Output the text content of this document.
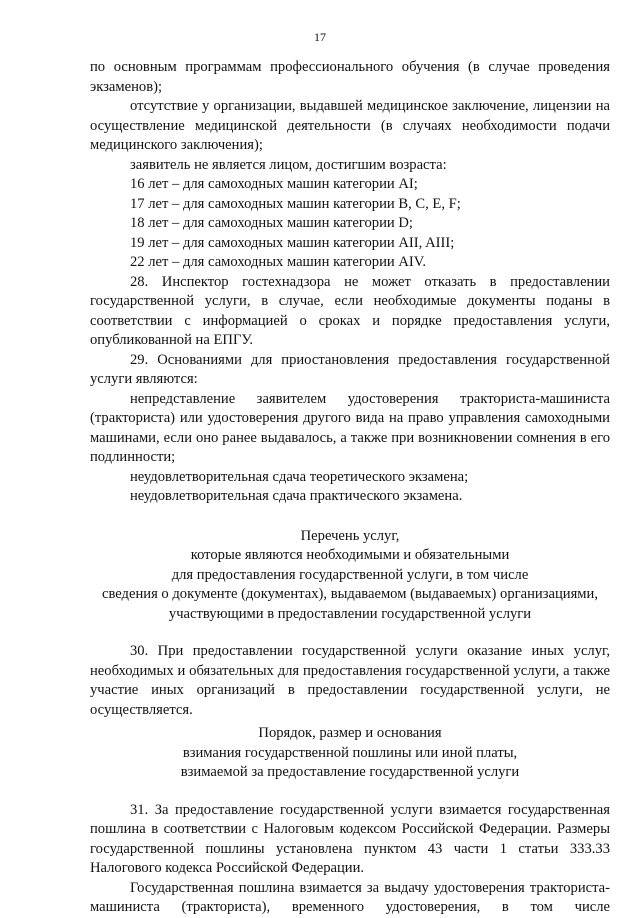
17

по основным программам профессионального обучения (в случае проведения экзаменов);

отсутствие у организации, выдавшей медицинское заключение, лицензии на осуществление медицинской деятельности (в случаях необходимости подачи медицинского заключения);

заявитель не является лицом, достигшим возраста:

16 лет – для самоходных машин категории AI;

17 лет – для самоходных машин категории B, C, E, F;

18 лет – для самоходных машин категории D;

19 лет – для самоходных машин категории AII, AIII;

22 лет – для самоходных машин категории AIV.

28. Инспектор гостехнадзора не может отказать в предоставлении государственной услуги, в случае, если необходимые документы поданы в соответствии с информацией о сроках и порядке предоставления услуги, опубликованной на ЕПГУ.

29. Основаниями для приостановления предоставления государственной услуги являются:

непредставление заявителем удостоверения тракториста-машиниста (тракториста) или удостоверения другого вида на право управления самоходными машинами, если оно ранее выдавалось, а также при возникновении сомнения в его подлинности;

неудовлетворительная сдача теоретического экзамена;

неудовлетворительная сдача практического экзамена.

Перечень услуг,

которые являются необходимыми и обязательными

для предоставления государственной услуги, в том числе

сведения о документе (документах), выдаваемом (выдаваемых) организациями,

участвующими в предоставлении государственной услуги

30. При предоставлении государственной услуги оказание иных услуг, необходимых и обязательных для предоставления государственной услуги, а также участие иных организаций в предоставлении государственной услуги, не осуществляется.

Порядок, размер и основания

взимания государственной пошлины или иной платы,

взимаемой за предоставление государственной услуги

31. За предоставление государственной услуги взимается государственная пошлина в соответствии с Налоговым кодексом Российской Федерации. Размеры государственной пошлины установлена пунктом 43 части 1 статьи 333.33 Налогового кодекса Российской Федерации.

Государственная пошлина взимается за выдачу удостоверения тракториста-машиниста (тракториста), временного удостоверения, в том числе
